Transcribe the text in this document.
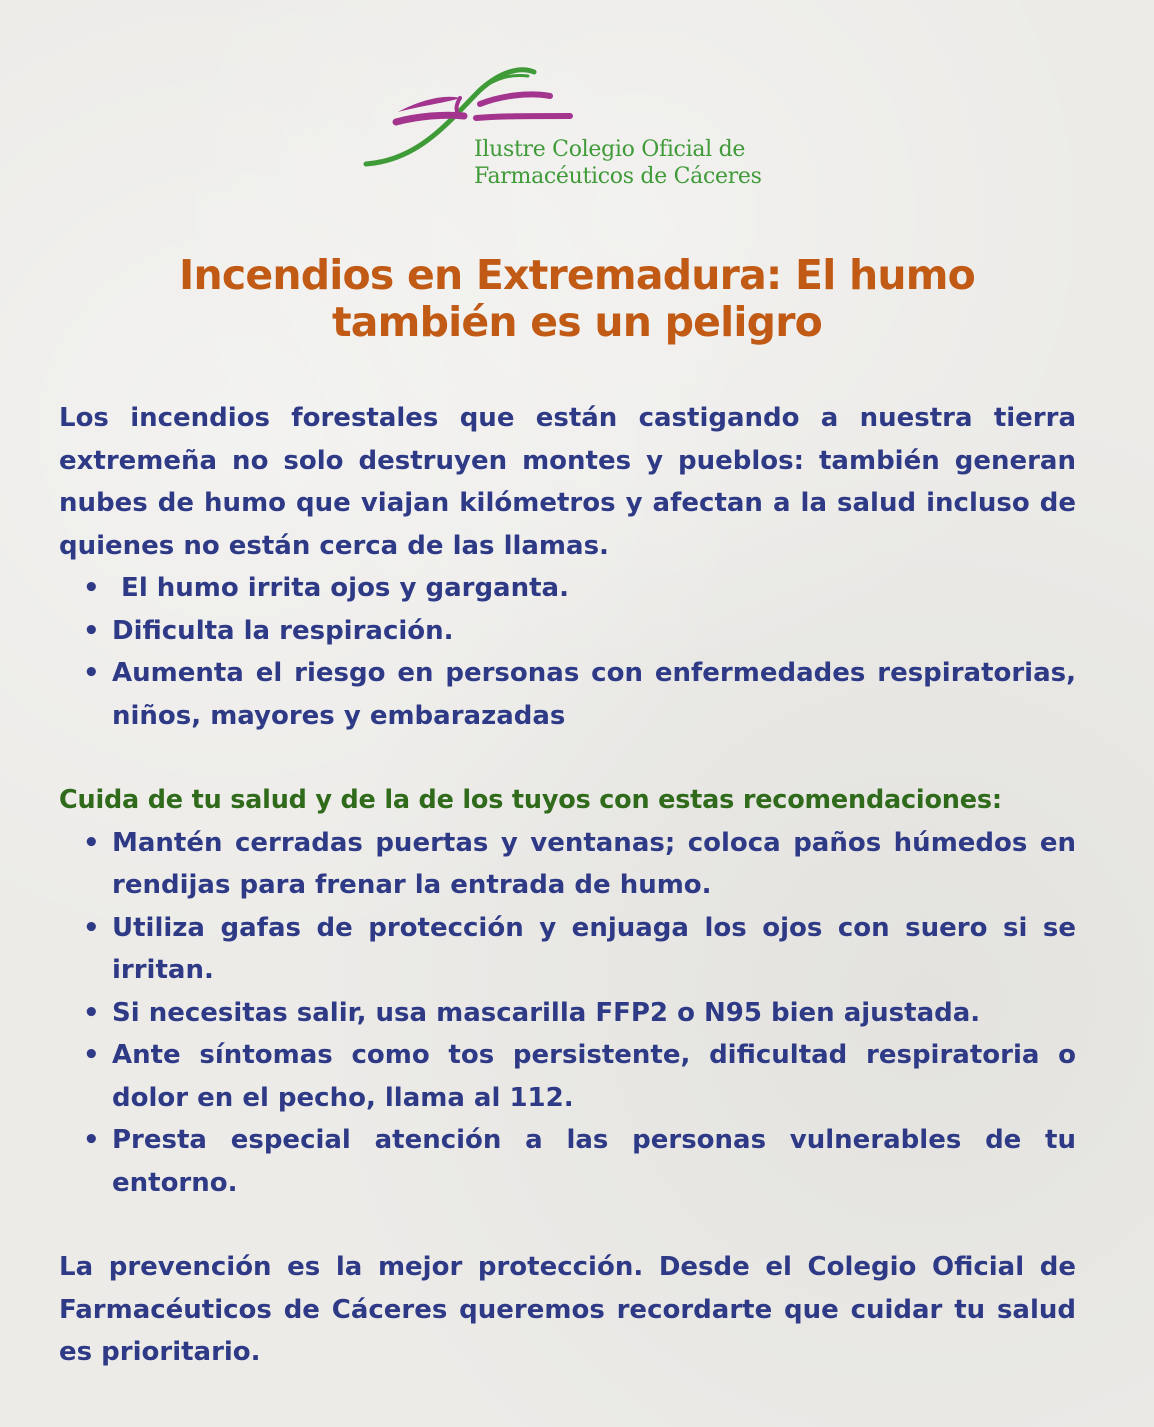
Ilustre Colegio Oficial de
Farmacéuticos de Cáceres
Incendios en Extremadura: El humo
también es un peligro

Los incendios forestales que están castigando a nuestra tierra extremeña no solo destruyen montes y pueblos: también generan nubes de humo que viajan kilómetros y afectan a la salud incluso de quienes no están cerca de las llamas.

• El humo irrita ojos y garganta.
• Dificulta la respiración.
• Aumenta el riesgo en personas con enfermedades respiratorias, niños, mayores y embarazadas
Cuida de tu salud y de la de los tuyos con estas recomendaciones:
• Mantén cerradas puertas y ventanas; coloca paños húmedos en rendijas para frenar la entrada de humo.
• Utiliza gafas de protección y enjuaga los ojos con suero si se irritan.
• Si necesitas salir, usa mascarilla FFP2 o N95 bien ajustada.
• Ante síntomas como tos persistente, dificultad respiratoria o dolor en el pecho, llama al 112.
• Presta especial atención a las personas vulnerables de tu entorno.

La prevención es la mejor protección. Desde el Colegio Oficial de Farmacéuticos de Cáceres queremos recordarte que cuidar tu salud es prioritario.
